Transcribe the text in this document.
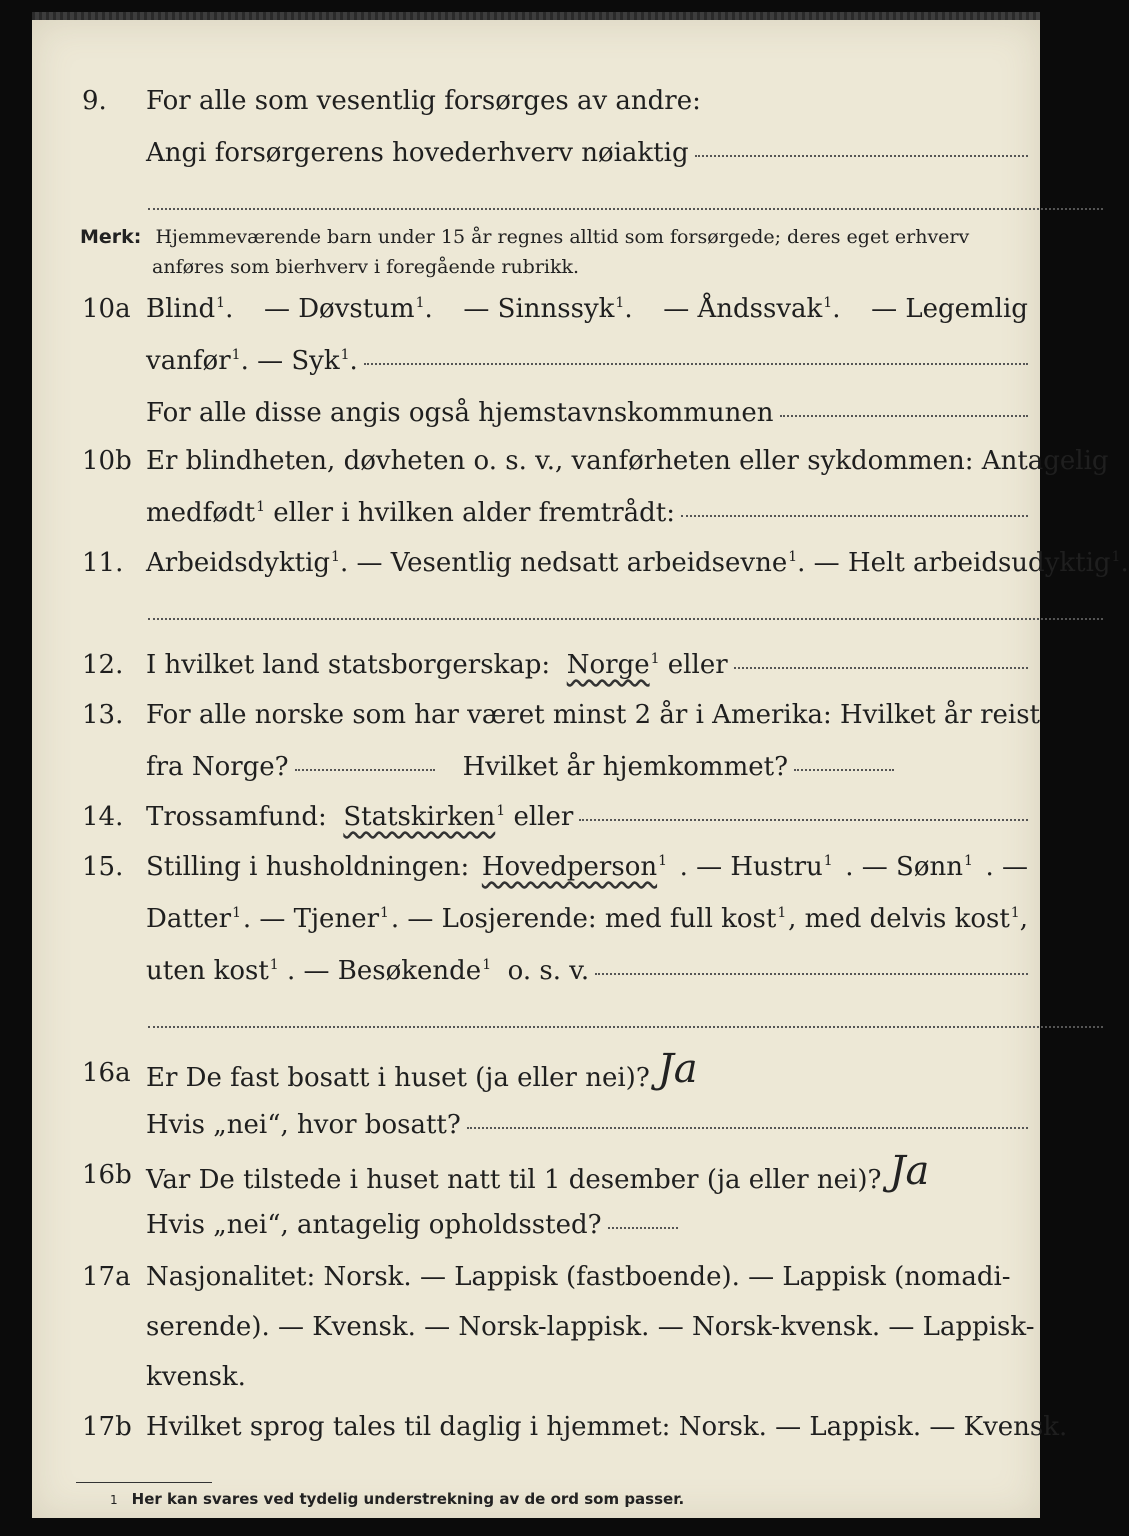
9. For alle som vesentlig forsørges av andre:
Angi forsørgerens hovederhverv nøiaktig
Merk: Hjemmeværende barn under 15 år regnes alltid som forsørgede; deres eget erhverv
anføres som bierhverv i foregående rubrikk.
10a Blind$^1$. — Døvstum$^1$. — Sinnssyk$^1$. — Åndssvak$^1$. — Legemlig
vanfør 1 . — Syk 1 .
For alle disse angis også hjemstavnskommunen
10b Er blindheten, døvheten o. s. v., vanførheten eller sykdommen: Antagelig
medfødt 1
eller i hvilken alder fremtrådt:
11. Arbeidsdyktig 1 . — Vesentlig nedsatt arbeidsevne 1 . — Helt arbeidsudyktig 1 .
12. I hvilket land statsborgerskap:
Norge 1
eller
13. For alle norske som har været minst 2 år i Amerika: Hvilket år reist
fra Norge?	Hvilket år hjemkommet?
14. Trossamfund:
Statskirken 1
eller
15. Stilling i husholdningen: Hovedperson$^1$ . — Hustru$^1$ . — Sønn$^1$ . —
Datter$^1$ . — Tjener$^1$ . — Losjerende: med full kost$^1$ , med delvis kost$^1$,
uten kost 1
. — Besøkende 1
o. s. v.
16a Er De fast bosatt i huset (ja eller nei)? Ja
Hvis „nei“, hvor bosatt?
16b Var De tilstede i huset natt til 1 desember (ja eller nei)? Ja
Hvis „nei“, antagelig opholdssted?
17a Nasjonalitet: Norsk. — Lappisk (fastboende). — Lappisk (nomadi-
serende). — Kvensk. — Norsk-lappisk. — Norsk-kvensk. — Lappisk-
kvensk.
17b Hvilket sprog tales til daglig i hjemmet: Norsk. — Lappisk. — Kvensk.
1 Her kan svares ved tydelig understrekning av de ord som passer.
